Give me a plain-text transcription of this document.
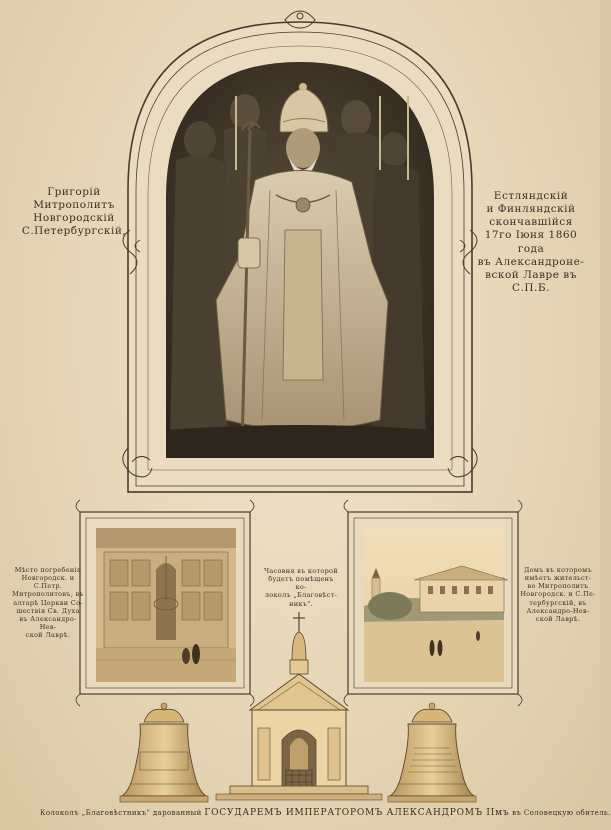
Григорій
Митрополитъ
Новгородскій
С.Петербургскій,
Естляндскій
и Финляндскій
скончавшійся
17го Іюня 1860 года
въ Александроне-
вской Лавре въ С.П.Б.
Мѣсто погребенія
Новгородск. и С.Петр.
Митрополитовъ, въ
алтарѣ Церкви Со-
шествія Св. Духа
въ Александро-Нев-
ской Лаврѣ.
Часовня въ которой
будетъ помѣщенъ ко-
локолъ „Благовѣст-
никъ".
Домъ въ которомъ
имѣетъ жительст-
во Митрополитъ
Новгородск. и С.Пе-
тербургскій, въ
Александро-Нев-
ской Лаврѣ.
Колоколъ „Благовѣстникъ" дарованный ГОСУДАРЕМЪ ИМПЕРАТОРОМЪ АЛЕКСАНДРОМЪ IIмъ въ Соловецкую обитель.
